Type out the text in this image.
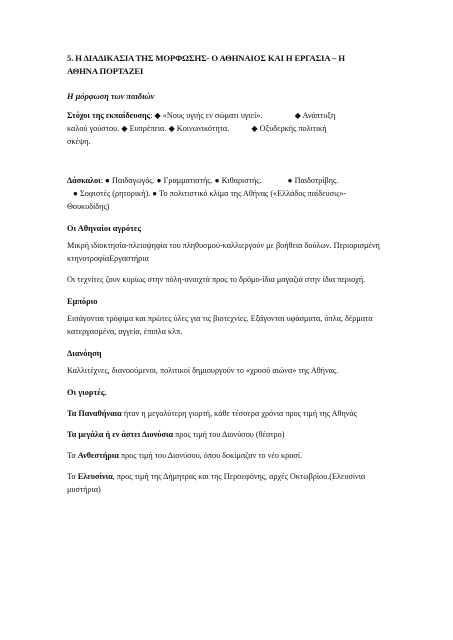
5. Η ΔΙΑΔΙΚΑΣΙΑ ΤΗΣ ΜΟΡΦΩΣΗΣ- Ο ΑΘΗΝΑΙΟΣ ΚΑΙ Η ΕΡΓΑΣΙΑ – Η
ΑΘΗΝΑ ΠΟΡΤΑΖΕΙ
Η μόρφωση των παιδιών
Στόχοι της εκπαίδευσης: ◆ «Νους υγιής εν σώματι υγιεί».	◆ Ανάπτυξη
καλού γούστου. ◆ Ευπρέπεια. ◆ Κοινωνικότητα.	◆ Οξυδερκής πολιτική
σκέψη.
Δάσκαλοι: ● Παιδαγωγός. ● Γραμματιστής. ● Κιθαριστής.	● Παιδοτρίβης.
● Σοφιστές (ρητορική). ● Το πολιτιστικό κλίμα της Αθήνας («Ελλάδος παίδευσις»-
Θουκυδίδης)
Οι Αθηναίοι αγρότες
Μικρή ιδιοκτησία-πλειοψηφία του πληθυσμού-καλλιεργούν με βοήθεια δούλων. Περιορισμένη κτηνοτροφίαΕργαστήρια
Οι τεχνίτες ζουν κυρίως στην πόλη-ανοιχτά προς το δρόμο-ίδια μαγαζιά στην ίδια περιοχή.
Εμπόριο
Εισάγονται τρόφιμα και πρώτες ύλες για τις βιοτεχνίες. Εξάγονται υφάσματα, όπλα, δέρματα κατεργασμένα, αγγεία, έπιπλα κλπ.
Διανόηση
Καλλιτέχνες, διανοούμενοι, πολιτικοί δημιουργούν το «χρυσό αιώνα» της Αθήνας.
Οι γιορτές.
Τα Παναθήναια ήταν η μεγαλύτερη γιορτή, κάθε τέσσερα χρόνια προς τιμή της Αθηνάς
Τα μεγάλα ή εν άστει Διονύσια προς τιμή του Διονύσου (θέατρο)
Τα Ανθεστήρια προς τιμή του Διονύσου, όπου δοκίμαζαν το νέο κρασί.
Τα Ελευσίνια, προς τιμή της Δήμητρας και της Περσεφόνης, αρχές Οκτωβρίου.(Ελευσίνια μυστήρια)
